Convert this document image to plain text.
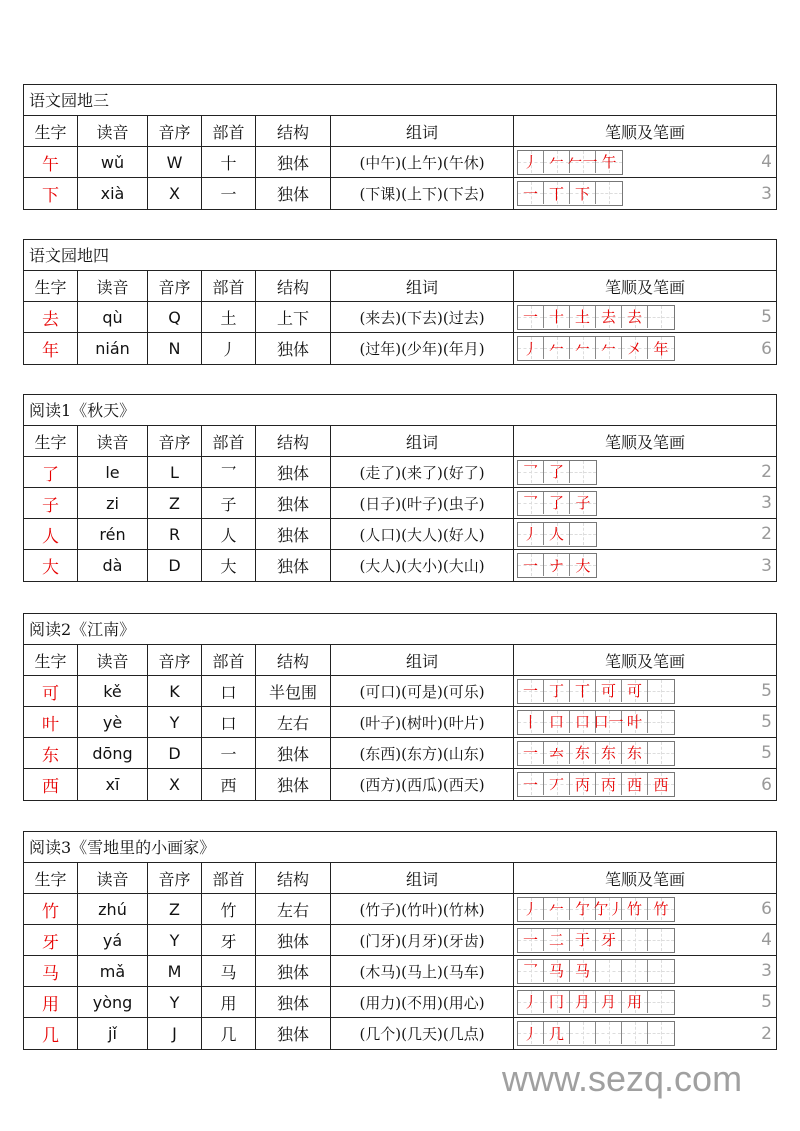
语文园地三
生字	读音	音序	部首	结构	组词	笔顺及笔画
午	wǔ	W	十	独体	(中午)(上午)(午休)	丿 𠂉 𠂉一 午	4
下	xià	X	一	独体	(下课)(上下)(下去)	一 丅 下	3
语文园地四
生字	读音	音序	部首	结构	组词	笔顺及笔画
去	qù	Q	土	上下	(来去)(下去)(过去)	一 十 土 去 去	5
年	nián	N	丿	独体	(过年)(少年)(年月)	丿 𠂉 𠂉 𠂉 㐅 年	6
阅读1《秋天》
生字	读音	音序	部首	结构	组词	笔顺及笔画
了	le	L	乛	独体	(走了)(来了)(好了)	乛 了	2
子	zi	Z	子	独体	(日子)(叶子)(虫子)	乛 了 子	3
人	rén	R	人	独体	(人口)(大人)(好人)	丿 人	2
大	dà	D	大	独体	(大人)(大小)(大山)	一 ナ 大	3
阅读2《江南》
生字	读音	音序	部首	结构	组词	笔顺及笔画
可	kě	K	口	半包围	(可口)(可是)(可乐)	一 丁 丅 可 可	5
叶	yè	Y	口	左右	(叶子)(树叶)(叶片)	丨 口 口 口一 叶	5
东	dōng	D	一	独体	(东西)(东方)(山东)	一 𠫓 东 东 东	5
西	xī	X	西	独体	(西方)(西瓜)(西天)	一 丆 丙 丙 西 西	6
阅读3《雪地里的小画家》
生字	读音	音序	部首	结构	组词	笔顺及笔画
竹	zhú	Z	竹	左右	(竹子)(竹叶)(竹林)	丿 𠂉 亇 亇丿 竹 竹	6
牙	yá	Y	牙	独体	(门牙)(月牙)(牙齿)	一 二 于 牙	4
马	mǎ	M	马	独体	(木马)(马上)(马车)	乛 马 马	3
用	yòng	Y	用	独体	(用力)(不用)(用心)	丿 冂 月 月 用	5
几	jǐ	J	几	独体	(几个)(几天)(几点)	丿 几	2
www.sezq.com
